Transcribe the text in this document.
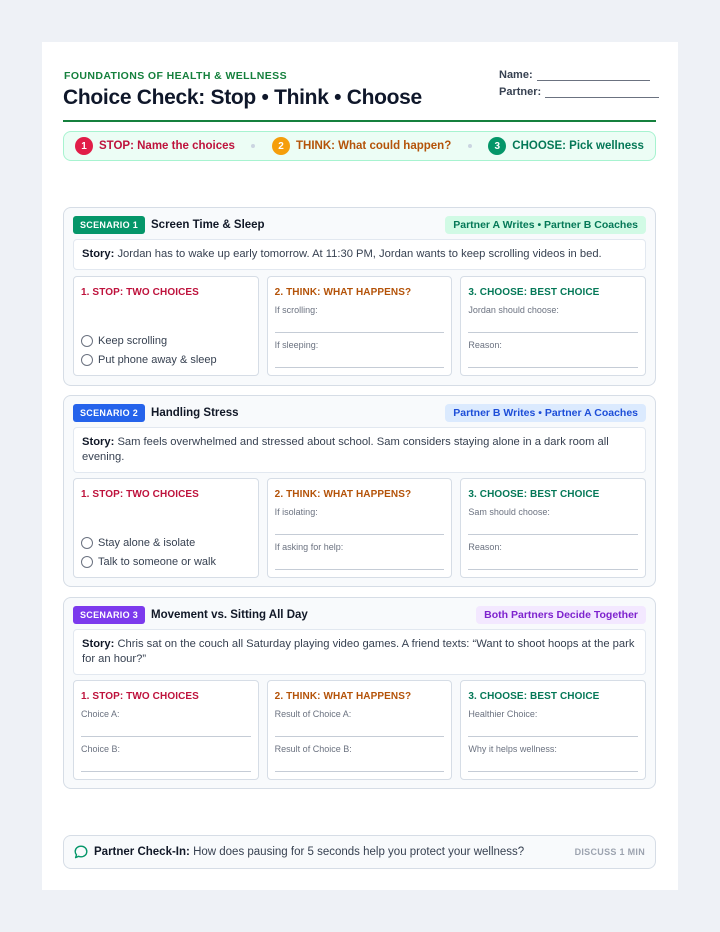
FOUNDATIONS OF HEALTH & WELLNESS
Choice Check: Stop • Think • Choose
Name:
Partner:
1	STOP: Name the choices	2	THINK: What could happen?	3	CHOOSE: Pick wellness
SCENARIO 1	Screen Time & Sleep	Partner A Writes • Partner B Coaches
Story: Jordan has to wake up early tomorrow. At 11:30 PM, Jordan wants to keep scrolling videos in bed.
1. STOP: TWO CHOICES
Keep scrolling
Put phone away & sleep
2. THINK: WHAT HAPPENS?
If scrolling:
If sleeping:
3. CHOOSE: BEST CHOICE
Jordan should choose:
Reason:
SCENARIO 2	Handling Stress	Partner B Writes • Partner A Coaches
Story: Sam feels overwhelmed and stressed about school. Sam considers staying alone in a dark room all evening.
1. STOP: TWO CHOICES
Stay alone & isolate
Talk to someone or walk
2. THINK: WHAT HAPPENS?
If isolating:
If asking for help:
3. CHOOSE: BEST CHOICE
Sam should choose:
Reason:
SCENARIO 3	Movement vs. Sitting All Day	Both Partners Decide Together
Story: Chris sat on the couch all Saturday playing video games. A friend texts: “Want to shoot hoops at the park for an hour?”
1. STOP: TWO CHOICES
Choice A:
Choice B:
2. THINK: WHAT HAPPENS?
Result of Choice A:
Result of Choice B:
3. CHOOSE: BEST CHOICE
Healthier Choice:
Why it helps wellness:
Partner Check-In: How does pausing for 5 seconds help you protect your wellness?	DISCUSS 1 MIN
